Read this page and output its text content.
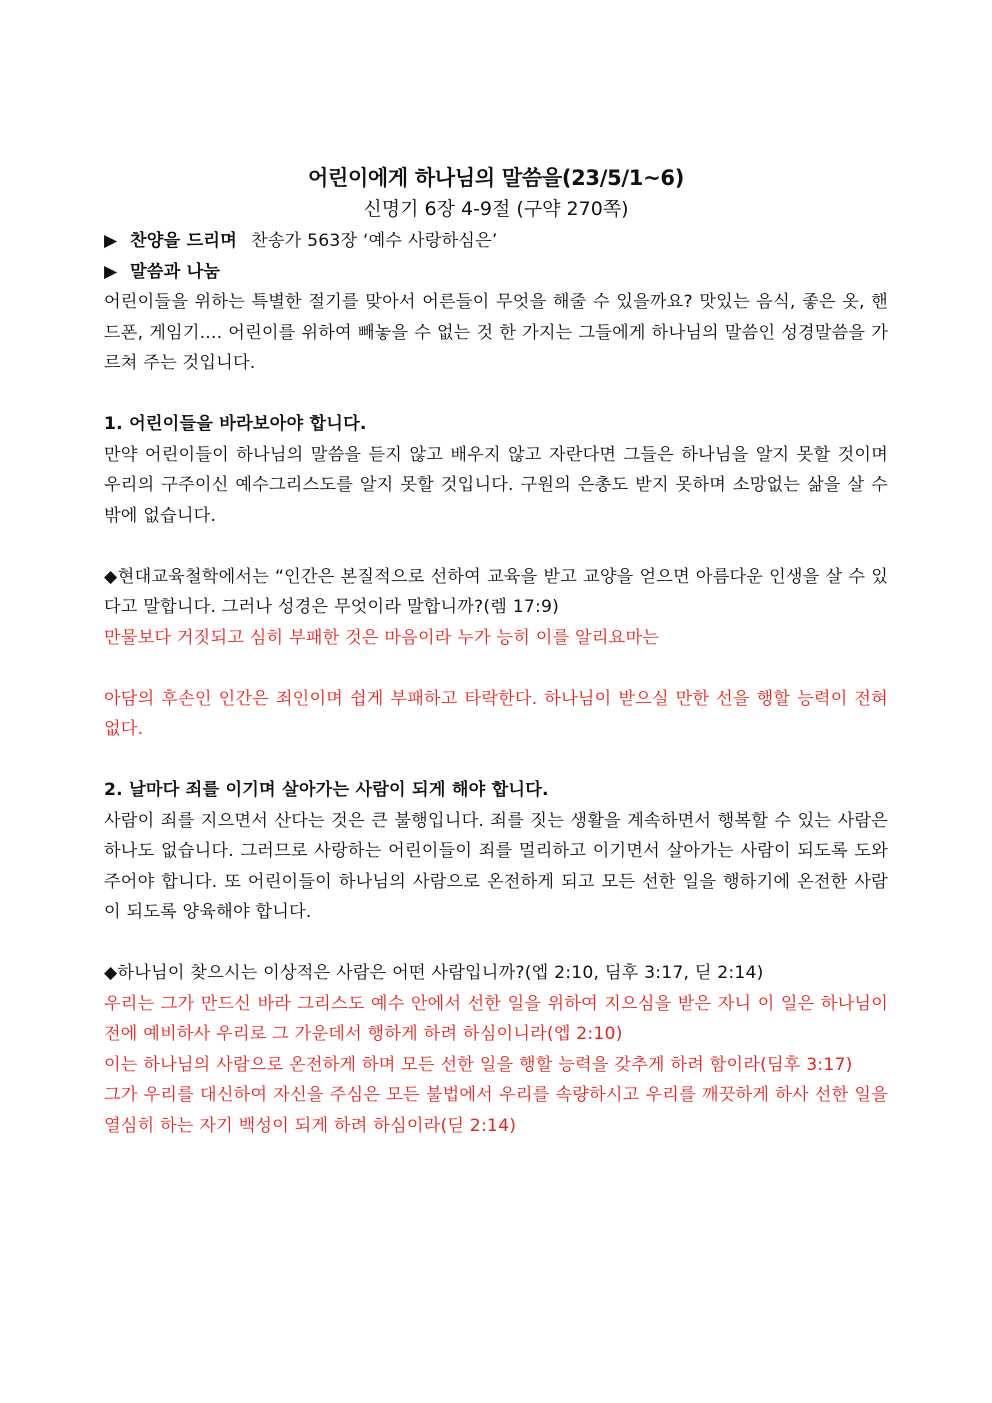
어린이에게 하나님의 말씀을(23/5/1~6)
신명기 6장 4-9절 (구약 270쪽)
▶ 찬양을 드리며 찬송가 563장 ‘예수 사랑하심은’
▶ 말씀과 나눔
어린이들을 위하는 특별한 절기를 맞아서 어른들이 무엇을 해줄 수 있을까요? 맛있는 음식, 좋은 옷, 핸드폰, 게임기.... 어린이를 위하여 빼놓을 수 없는 것 한 가지는 그들에게 하나님의 말씀인 성경말씀을 가르쳐 주는 것입니다.
1. 어린이들을 바라보아야 합니다.
만약 어린이들이 하나님의 말씀을 듣지 않고 배우지 않고 자란다면 그들은 하나님을 알지 못할 것이며 우리의 구주이신 예수그리스도를 알지 못할 것입니다. 구원의 은총도 받지 못하며 소망없는 삶을 살 수 밖에 없습니다.
◆현대교육철학에서는 “인간은 본질적으로 선하여 교육을 받고 교양을 얻으면 아름다운 인생을 살 수 있다고 말합니다. 그러나 성경은 무엇이라 말합니까?(렘 17:9)
만물보다 거짓되고 심히 부패한 것은 마음이라 누가 능히 이를 알리요마는
아담의 후손인 인간은 죄인이며 쉽게 부패하고 타락한다. 하나님이 받으실 만한 선을 행할 능력이 전혀 없다.
2. 날마다 죄를 이기며 살아가는 사람이 되게 해야 합니다.
사람이 죄를 지으면서 산다는 것은 큰 불행입니다. 죄를 짓는 생활을 계속하면서 행복할 수 있는 사람은 하나도 없습니다. 그러므로 사랑하는 어린이들이 죄를 멀리하고 이기면서 살아가는 사람이 되도록 도와주어야 합니다. 또 어린이들이 하나님의 사람으로 온전하게 되고 모든 선한 일을 행하기에 온전한 사람이 되도록 양육해야 합니다.
◆하나님이 찾으시는 이상적은 사람은 어떤 사람입니까?(엡 2:10, 딤후 3:17, 딛 2:14)
우리는 그가 만드신 바라 그리스도 예수 안에서 선한 일을 위하여 지으심을 받은 자니 이 일은 하나님이 전에 예비하사 우리로 그 가운데서 행하게 하려 하심이니라(엡 2:10)
이는 하나님의 사람으로 온전하게 하며 모든 선한 일을 행할 능력을 갖추게 하려 함이라(딤후 3:17)
그가 우리를 대신하여 자신을 주심은 모든 불법에서 우리를 속량하시고 우리를 깨끗하게 하사 선한 일을 열심히 하는 자기 백성이 되게 하려 하심이라(딛 2:14)
